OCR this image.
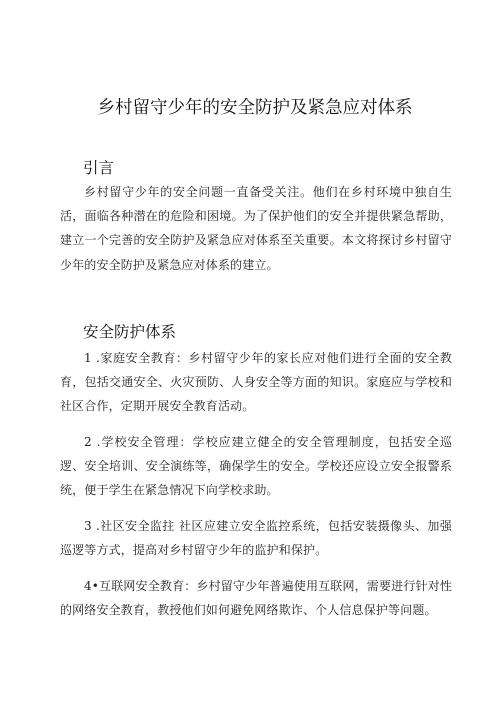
乡村留守少年的安全防护及紧急应对体系
引言

乡村留守少年的安全问题一直备受关注。他们在乡村环境中独自生活，面临各种潜在的危险和困境。为了保护他们的安全并提供紧急帮助，建立一个完善的安全防护及紧急应对体系至关重要。本文将探讨乡村留守少年的安全防护及紧急应对体系的建立。

安全防护体系

1 .家庭安全教育：乡村留守少年的家长应对他们进行全面的安全教育，包括交通安全、火灾预防、人身安全等方面的知识。家庭应与学校和社区合作，定期开展安全教育活动。

2 .学校安全管理：学校应建立健全的安全管理制度，包括安全巡逻、安全培训、安全演练等，确保学生的安全。学校还应设立安全报警系统，便于学生在紧急情况下向学校求助。

3 .社区安全监拄 社区应建立安全监控系统，包括安装摄像头、加强巡逻等方式，提高对乡村留守少年的监护和保护。

4•互联网安全教育：乡村留守少年普遍使用互联网，需要进行针对性的网络安全教育，教授他们如何避免网络欺诈、个人信息保护等问题。
